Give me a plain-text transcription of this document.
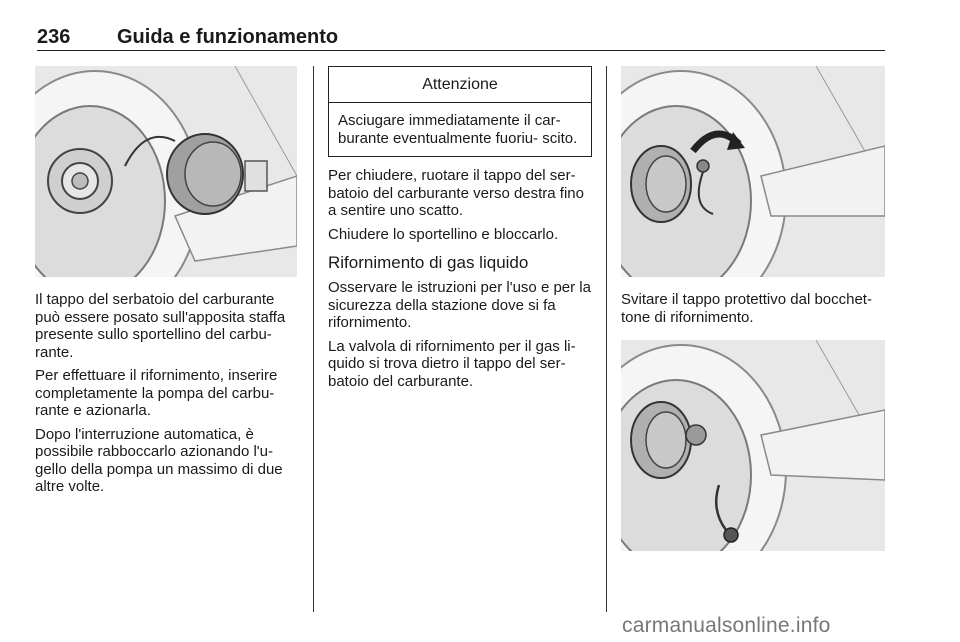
236 Guida e funzionamento

Il tappo del serbatoio del carburante può essere posato sull'apposita staffa presente sullo sportellino del carbu- rante.

Per effettuare il rifornimento, inserire completamente la pompa del carbu- rante e azionarla.

Dopo l'interruzione automatica, è possibile rabboccarlo azionando l'u- gello della pompa un massimo di due altre volte.

Attenzione
Asciugare immediatamente il car- burante eventualmente fuoriu- scito.

Per chiudere, ruotare il tappo del ser- batoio del carburante verso destra fino a sentire uno scatto.

Chiudere lo sportellino e bloccarlo.

Rifornimento di gas liquido

Osservare le istruzioni per l'uso e per la sicurezza della stazione dove si fa rifornimento.

La valvola di rifornimento per il gas li- quido si trova dietro il tappo del ser- batoio del carburante.

Svitare il tappo protettivo dal bocchet- tone di rifornimento.

carmanualsonline.info
